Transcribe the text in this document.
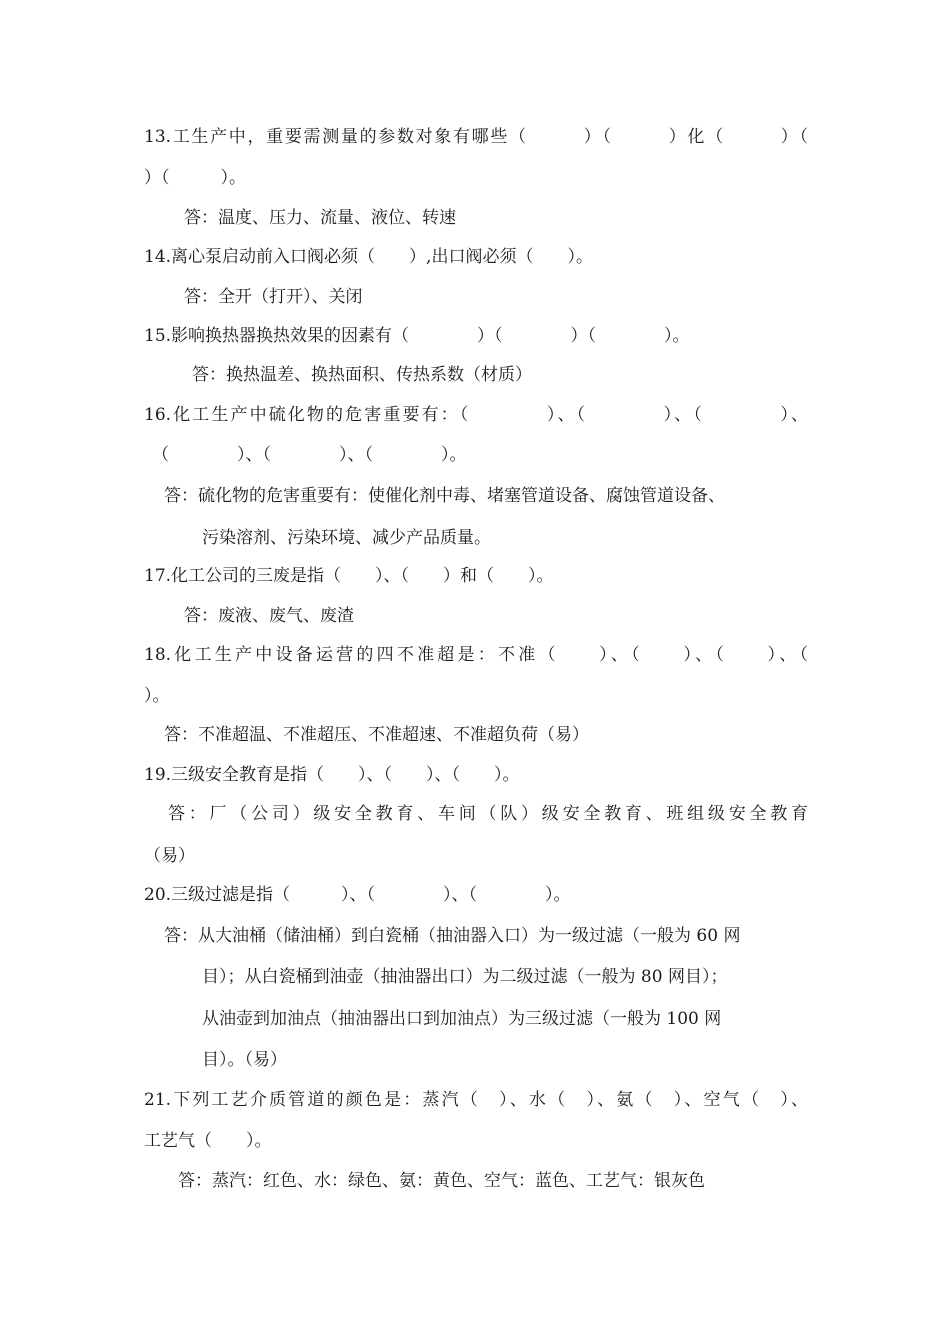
13.工生产中，重要需测量的参数对象有哪些（　　　）（　　　）化（　　　）（
）（　　　）。
答：温度、压力、流量、液位、转速
14.离心泵启动前入口阀必须（　　）,出口阀必须（　　）。
答：全开（打开）、关闭
15.影响换热器换热效果的因素有（　　　　）（　　　　）（　　　　）。
答：换热温差、换热面积、传热系数（材质）
16.化工生产中硫化物的危害重要有：（　　　　）、（　　　　）、（　　　　）、
（　　　　）、（　　　　）、（　　　　）。
答：硫化物的危害重要有：使催化剂中毒、堵塞管道设备、腐蚀管道设备、
污染溶剂、污染环境、减少产品质量。
17.化工公司的三废是指（　　）、（　　）和（　　）。
答：废液、废气、废渣
18.化工生产中设备运营的四不准超是：不准（　　）、（　　）、（　　）、（
）。
答：不准超温、不准超压、不准超速、不准超负荷（易）
19.三级安全教育是指（　　）、（　　）、（　　）。
答：厂（公司）级安全教育、车间（队）级安全教育、班组级安全教育
（易）
20.三级过滤是指（　　　）、（　　　　）、（　　　　）。
答：从大油桶（储油桶）到白瓷桶（抽油器入口）为一级过滤（一般为 60 网
目）；从白瓷桶到油壶（抽油器出口）为二级过滤（一般为 80 网目）；
从油壶到加油点（抽油器出口到加油点）为三级过滤（一般为 100 网
目）。（易）
21.下列工艺介质管道的颜色是：蒸汽（　）、水（　）、氨（　）、空气（　）、
工艺气（　　）。
答：蒸汽：红色、水：绿色、氨：黄色、空气：蓝色、工艺气：银灰色
